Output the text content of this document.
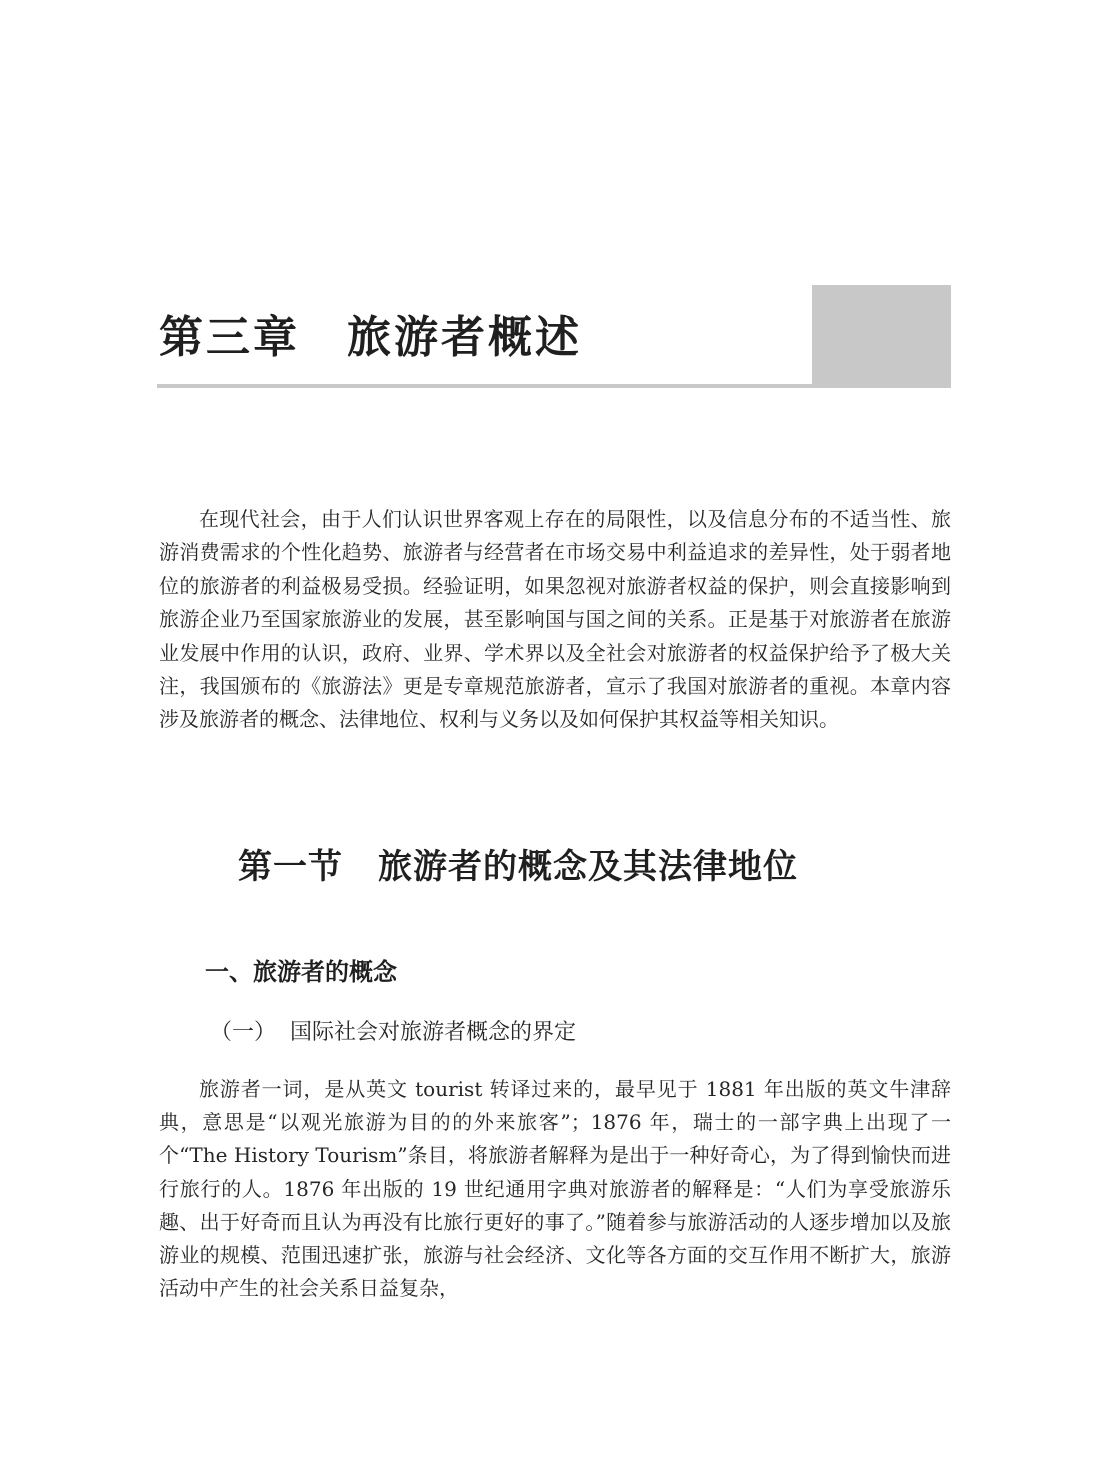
第三章　旅游者概述

在现代社会，由于人们认识世界客观上存在的局限性，以及信息分布的不适当性、旅游消费需求的个性化趋势、旅游者与经营者在市场交易中利益追求的差异性，处于弱者地位的旅游者的利益极易受损。经验证明，如果忽视对旅游者权益的保护，则会直接影响到旅游企业乃至国家旅游业的发展，甚至影响国与国之间的关系。正是基于对旅游者在旅游业发展中作用的认识，政府、业界、学术界以及全社会对旅游者的权益保护给予了极大关注，我国颁布的《旅游法》更是专章规范旅游者，宣示了我国对旅游者的重视。本章内容涉及旅游者的概念、法律地位、权利与义务以及如何保护其权益等相关知识。

第一节　旅游者的概念及其法律地位
一、旅游者的概念
（一）  国际社会对旅游者概念的界定

旅游者一词，是从英文 tourist 转译过来的，最早见于 1881 年出版的英文牛津辞典，意思是“以观光旅游为目的的外来旅客”；1876 年，瑞士的一部字典上出现了一个“The History Tourism”条目，将旅游者解释为是出于一种好奇心，为了得到愉快而进行旅行的人。1876 年出版的 19 世纪通用字典对旅游者的解释是：“人们为享受旅游乐趣、出于好奇而且认为再没有比旅行更好的事了。”随着参与旅游活动的人逐步增加以及旅游业的规模、范围迅速扩张，旅游与社会经济、文化等各方面的交互作用不断扩大，旅游活动中产生的社会关系日益复杂，
